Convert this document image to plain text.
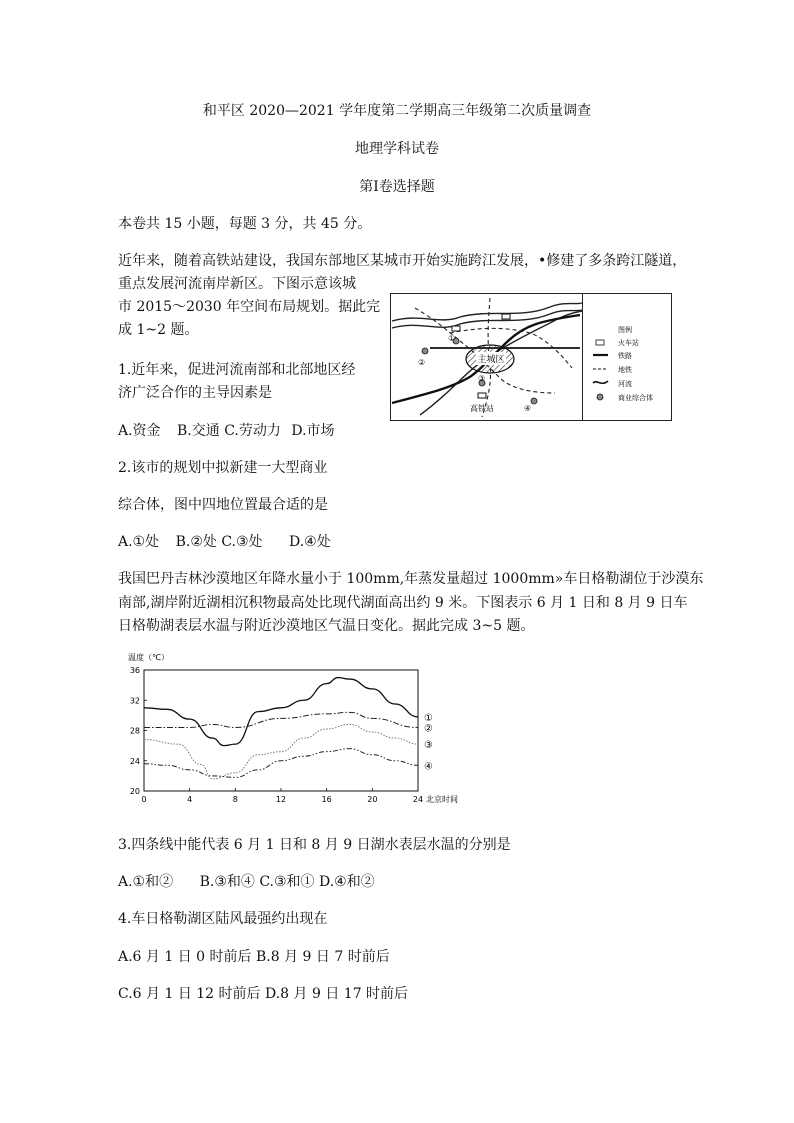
和平区 2020—2021 学年度第二学期高三年级第二次质量调查
地理学科试卷
第Ⅰ卷选择题
本卷共 15 小题，每题 3 分，共 45 分。
近年来，随着高铁站建设，我国东部地区某城市开始实施跨江发展，•修建了多条跨江隧道，
重点发展河流南岸新区。下图示意该城
市 2015～2030 年空间布局规划。据此完
成 1~2 题。
主城区
高铁站
①
②
③
④
图例
火车站
铁路
地铁
河流
商业综合体
1.近年来，促进河流南部和北部地区经
济广泛合作的主导因素是
A.资金 B.交通 C.劳动力 D.市场
2.该市的规划中拟新建一大型商业
综合体，图中四地位置最合适的是
A.①处 B.②处 C.③处 D.④处
我国巴丹吉林沙漠地区年降水量小于 100mm,年蒸发量超过 1000mm»车日格勒湖位于沙漠东
南部,湖岸附近湖相沉积物最高处比现代湖面高出约 9 米。下图表示 6 月 1 日和 8 月 9 日车
日格勒湖表层水温与附近沙漠地区气温日变化。据此完成 3~5 题。
温度（℃）
①
②
③
④
20
24
28
32
36
0	4	8	12	16	20	24 北京时间
3.四条线中能代表 6 月 1 日和 8 月 9 日湖水表层水温的分别是
A.①和② B.③和④ C.③和① D.④和②
4.车日格勒湖区陆风最强约出现在
A.6 月 1 日 0 时前后 B.8 月 9 日 7 时前后
C.6 月 1 日 12 时前后 D.8 月 9 日 17 时前后
